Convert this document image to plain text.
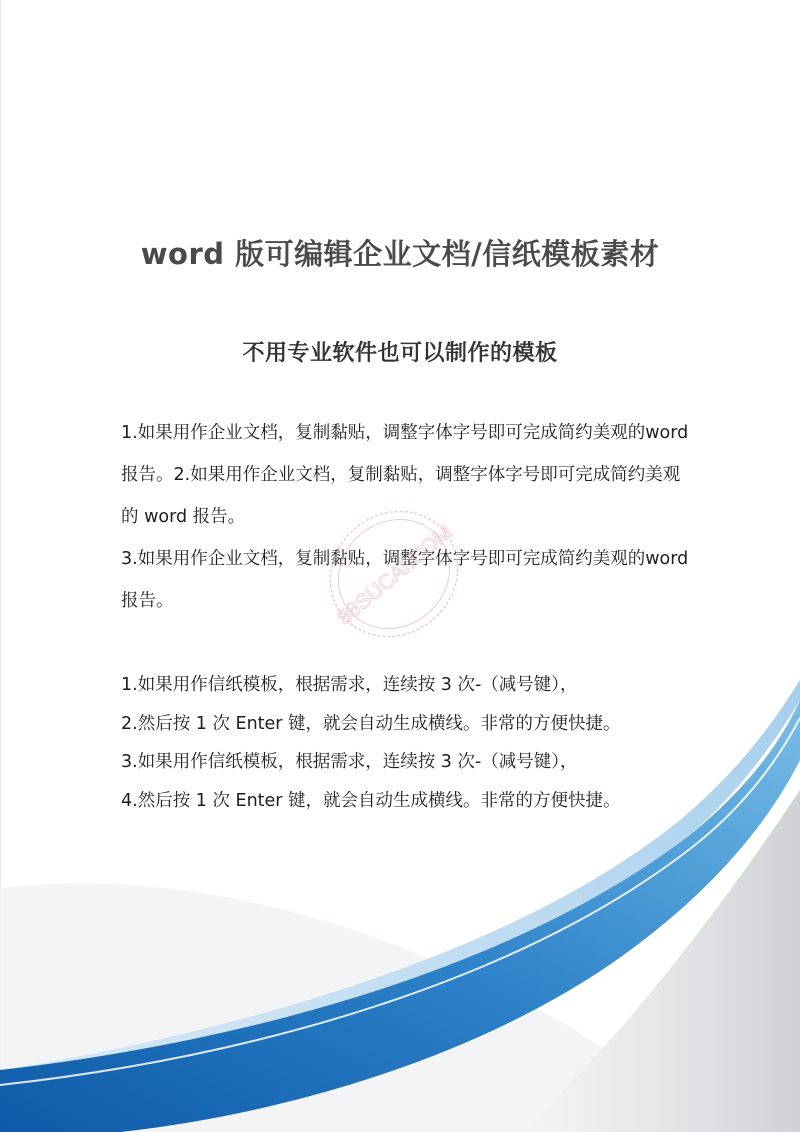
word 版可编辑企业文档/信纸模板素材
不用专业软件也可以制作的模板

1.如果用作企业文档，复制黏贴，调整字体字号即可完成简约美观的word 报告。2.如果用作企业文档，复制黏贴，调整字体字号即可完成简约美观的 word 报告。

3.如果用作企业文档，复制黏贴，调整字体字号即可完成简约美观的word 报告。

1.如果用作信纸模板，根据需求，连续按 3 次-（减号键），

2.然后按 1 次 Enter 键，就会自动生成横线。非常的方便快捷。

3.如果用作信纸模板，根据需求，连续按 3 次-（减号键），

4.然后按 1 次 Enter 键，就会自动生成横线。非常的方便快捷。

88SUCAI.COM
